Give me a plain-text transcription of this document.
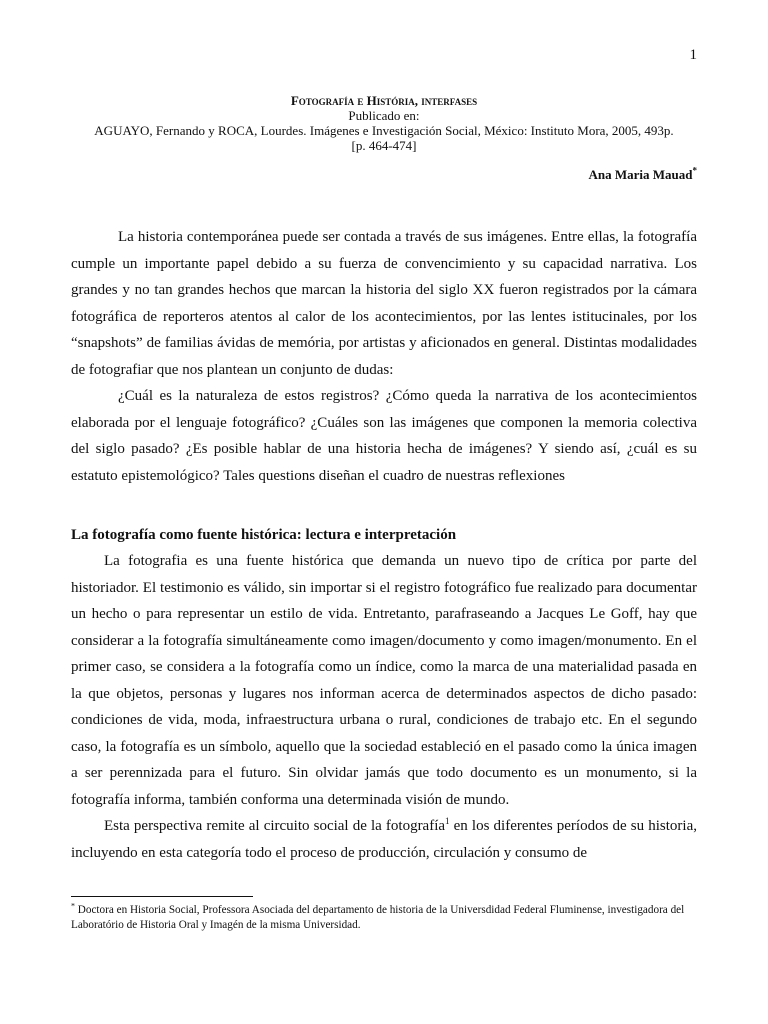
1
Fotografía e História, interfases
Publicado en:
AGUAYO, Fernando y ROCA, Lourdes. Imágenes e Investigación Social, México: Instituto Mora, 2005, 493p.
[p. 464-474]
Ana Maria Mauad*

La historia contemporánea puede ser contada a través de sus imágenes. Entre ellas, la fotografía cumple un importante papel debido a su fuerza de convencimiento y su capacidad narrativa. Los grandes y no tan grandes hechos que marcan la historia del siglo XX fueron registrados por la cámara fotográfica de reporteros atentos al calor de los acontecimientos, por las lentes istitucinales, por los “snapshots” de familias ávidas de memória, por artistas y aficionados en general. Distintas modalidades de fotografiar que nos plantean un conjunto de dudas:

¿Cuál es la naturaleza de estos registros? ¿Cómo queda la narrativa de los acontecimientos elaborada por el lenguaje fotográfico? ¿Cuáles son las imágenes que componen la memoria colectiva del siglo pasado? ¿Es posible hablar de una historia hecha de imágenes? Y siendo así, ¿cuál es su estatuto epistemológico? Tales questions diseñan el cuadro de nuestras reflexiones

La fotografía como fuente histórica: lectura e interpretación

La fotografia es una fuente histórica que demanda un nuevo tipo de crítica por parte del historiador. El testimonio es válido, sin importar si el registro fotográfico fue realizado para documentar un hecho o para representar un estilo de vida. Entretanto, parafraseando a Jacques Le Goff, hay que considerar a la fotografía simultáneamente como imagen/documento y como imagen/monumento. En el primer caso, se considera a la fotografía como un índice, como la marca de una materialidad pasada en la que objetos, personas y lugares nos informan acerca de determinados aspectos de dicho pasado: condiciones de vida, moda, infraestructura urbana o rural, condiciones de trabajo etc. En el segundo caso, la fotografía es un símbolo, aquello que la sociedad estableció en el pasado como la única imagen a ser perennizada para el futuro. Sin olvidar jamás que todo documento es un monumento, si la fotografía informa, también conforma una determinada visión de mundo.

Esta perspectiva remite al circuito social de la fotografía$^1$ en los diferentes períodos de su historia, incluyendo en esta categoría todo el proceso de producción, circulación y consumo de

* Doctora en Historia Social, Professora Asociada del departamento de historia de la Universdidad Federal Fluminense, investigadora del Laboratório de Historia Oral y Imagén de la misma Universidad.
